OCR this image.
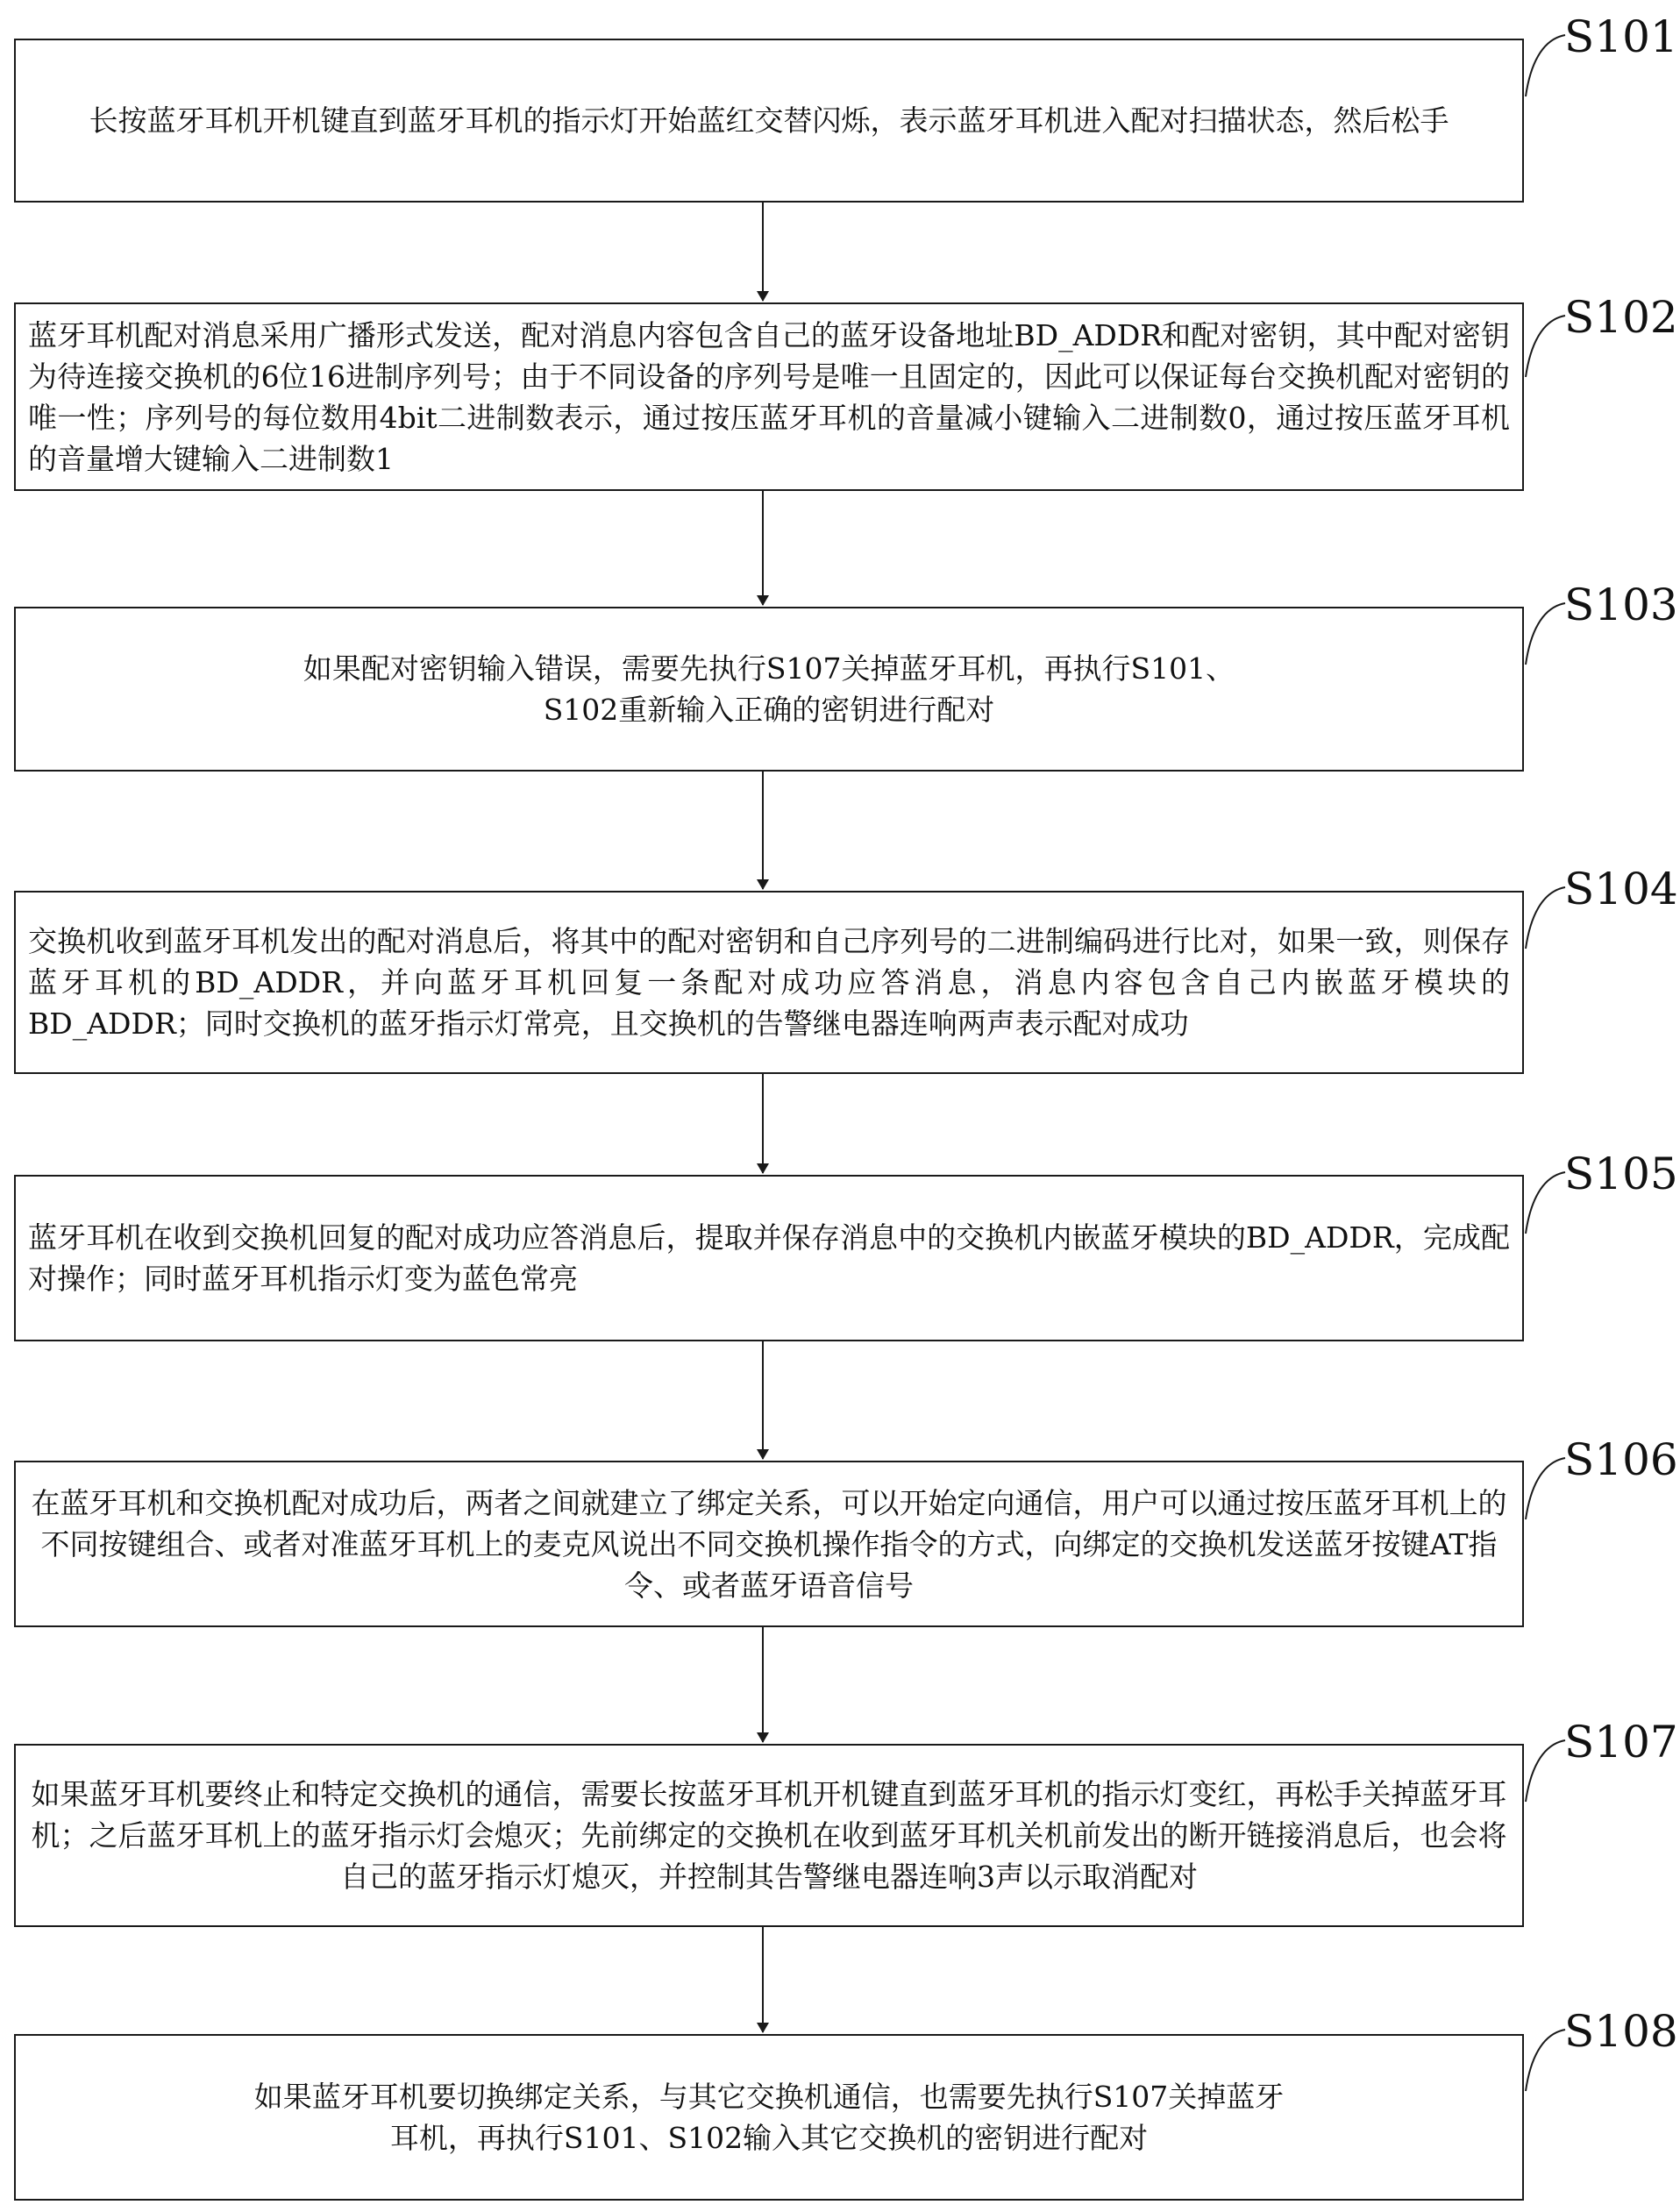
长按蓝牙耳机开机键直到蓝牙耳机的指示灯开始蓝红交替闪烁，表示蓝牙耳机进入配对扫描状态，然后松手

蓝牙耳机配对消息采用广播形式发送，配对消息内容包含自己的蓝牙设备地址BD_ADDR和配对密钥，其中配对密钥为待连接交换机的6位16进制序列号；由于不同设备的序列号是唯一且固定的，因此可以保证每台交换机配对密钥的唯一性；序列号的每位数用4bit二进制数表示，通过按压蓝牙耳机的音量减小键输入二进制数0，通过按压蓝牙耳机的音量增大键输入二进制数1

如果配对密钥输入错误，需要先执行S107关掉蓝牙耳机，再执行S101、S102重新输入正确的密钥进行配对

交换机收到蓝牙耳机发出的配对消息后，将其中的配对密钥和自己序列号的二进制编码进行比对，如果一致，则保存蓝牙耳机的BD_ADDR，并向蓝牙耳机回复一条配对成功应答消息，消息内容包含自己内嵌蓝牙模块的BD_ADDR；同时交换机的蓝牙指示灯常亮，且交换机的告警继电器连响两声表示配对成功

蓝牙耳机在收到交换机回复的配对成功应答消息后，提取并保存消息中的交换机内嵌蓝牙模块的BD_ADDR，完成配对操作；同时蓝牙耳机指示灯变为蓝色常亮

在蓝牙耳机和交换机配对成功后，两者之间就建立了绑定关系，可以开始定向通信，用户可以通过按压蓝牙耳机上的不同按键组合、或者对准蓝牙耳机上的麦克风说出不同交换机操作指令的方式，向绑定的交换机发送蓝牙按键AT指令、或者蓝牙语音信号

如果蓝牙耳机要终止和特定交换机的通信，需要长按蓝牙耳机开机键直到蓝牙耳机的指示灯变红，再松手关掉蓝牙耳机；之后蓝牙耳机上的蓝牙指示灯会熄灭；先前绑定的交换机在收到蓝牙耳机关机前发出的断开链接消息后，也会将自己的蓝牙指示灯熄灭，并控制其告警继电器连响3声以示取消配对

如果蓝牙耳机要切换绑定关系，与其它交换机通信，也需要先执行S107关掉蓝牙耳机，再执行S101、S102输入其它交换机的密钥进行配对

S101
S102
S103
S104
S105
S106
S107
S108
